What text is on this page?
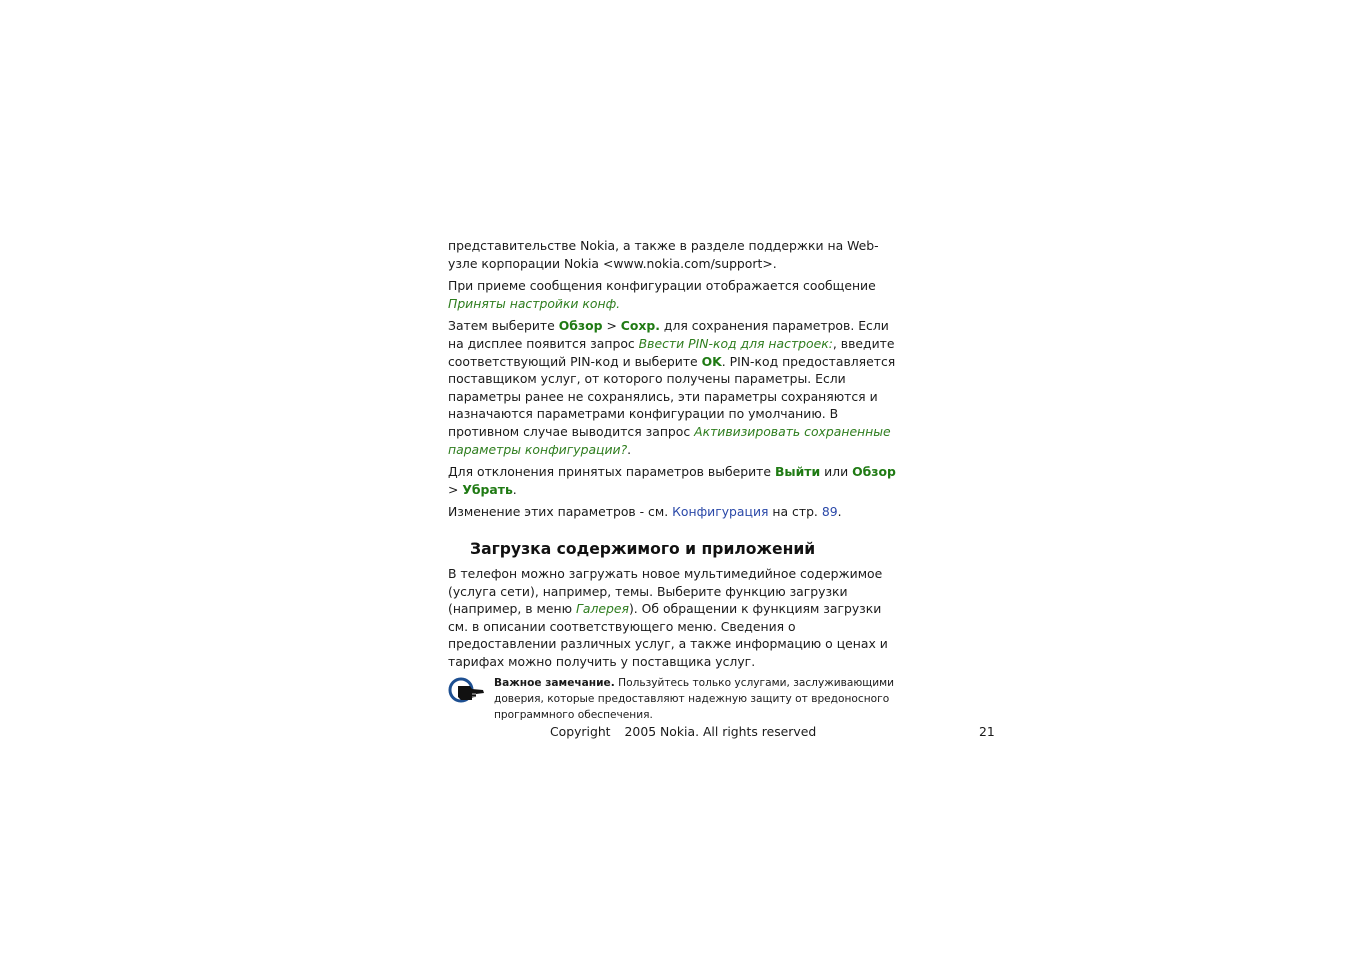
представительстве Nokia, а также в разделе поддержки на Web-узле корпорации Nokia <www.nokia.com/support>.

При приеме сообщения конфигурации отображается сообщение Приняты настройки конф.

Затем выберите Обзор > Сохр. для сохранения параметров. Если на дисплее появится запрос Ввести PIN-код для настроек:, введите соответствующий PIN-код и выберите OK. PIN-код предоставляется поставщиком услуг, от которого получены параметры. Если параметры ранее не сохранялись, эти параметры сохраняются и назначаются параметрами конфигурации по умолчанию. В противном случае выводится запрос Активизировать сохраненные параметры конфигурации?.

Для отклонения принятых параметров выберите Выйти или Обзор > Убрать.

Изменение этих параметров - см. Конфигурация на стр. 89.

Загрузка содержимого и приложений

В телефон можно загружать новое мультимедийное содержимое (услуга сети), например, темы. Выберите функцию загрузки (например, в меню Галерея). Об обращении к функциям загрузки см. в описании соответствующего меню. Сведения о предоставлении различных услуг, а также информацию о ценах и тарифах можно получить у поставщика услуг.

Важное замечание. Пользуйтесь только услугами, заслуживающими доверия, которые предоставляют надежную защиту от вредоносного программного обеспечения.
Copyright 2005 Nokia. All rights reserved	21
